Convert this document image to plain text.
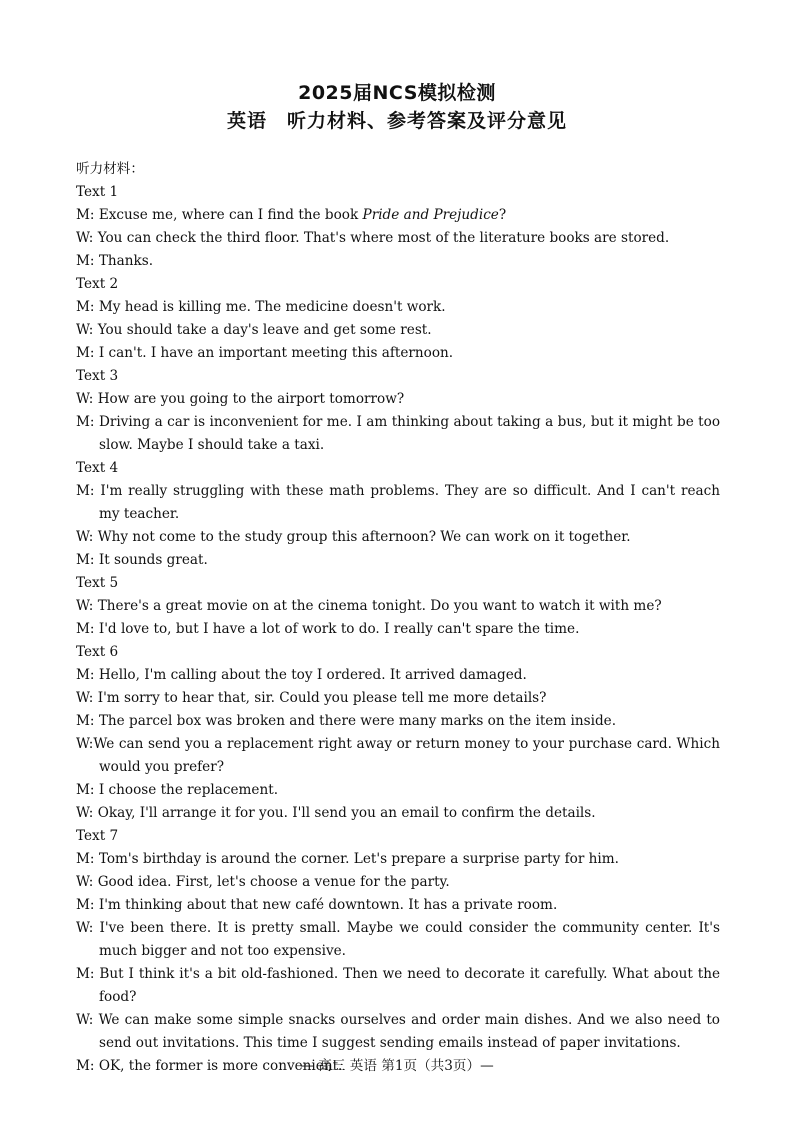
2025届NCS模拟检测
英语　听力材料、参考答案及评分意见
听力材料：
Text 1
M: Excuse me, where can I find the book Pride and Prejudice?
W: You can check the third floor. That's where most of the literature books are stored.
M: Thanks.
Text 2
M: My head is killing me. The medicine doesn't work.
W: You should take a day's leave and get some rest.
M: I can't. I have an important meeting this afternoon.
Text 3
W: How are you going to the airport tomorrow?
M: Driving a car is inconvenient for me. I am thinking about taking a bus, but it might be too slow. Maybe I should take a taxi.
Text 4
M: I'm really struggling with these math problems. They are so difficult. And I can't reach my teacher.
W: Why not come to the study group this afternoon? We can work on it together.
M: It sounds great.
Text 5
W: There's a great movie on at the cinema tonight. Do you want to watch it with me?
M: I'd love to, but I have a lot of work to do. I really can't spare the time.
Text 6
M: Hello, I'm calling about the toy I ordered. It arrived damaged.
W: I'm sorry to hear that, sir. Could you please tell me more details?
M: The parcel box was broken and there were many marks on the item inside.
W:We can send you a replacement right away or return money to your purchase card. Which would you prefer?
M: I choose the replacement.
W: Okay, I'll arrange it for you. I'll send you an email to confirm the details.
Text 7
M: Tom's birthday is around the corner. Let's prepare a surprise party for him.
W: Good idea. First, let's choose a venue for the party.
M: I'm thinking about that new café downtown. It has a private room.
W: I've been there. It is pretty small. Maybe we could consider the community center. It's much bigger and not too expensive.
M: But I think it's a bit old-fashioned. Then we need to decorate it carefully. What about the food?
W: We can make some simple snacks ourselves and order main dishes. And we also need to send out invitations. This time I suggest sending emails instead of paper invitations.
M: OK, the former is more convenient.
— 高三 英语 第1页（共3页）—
